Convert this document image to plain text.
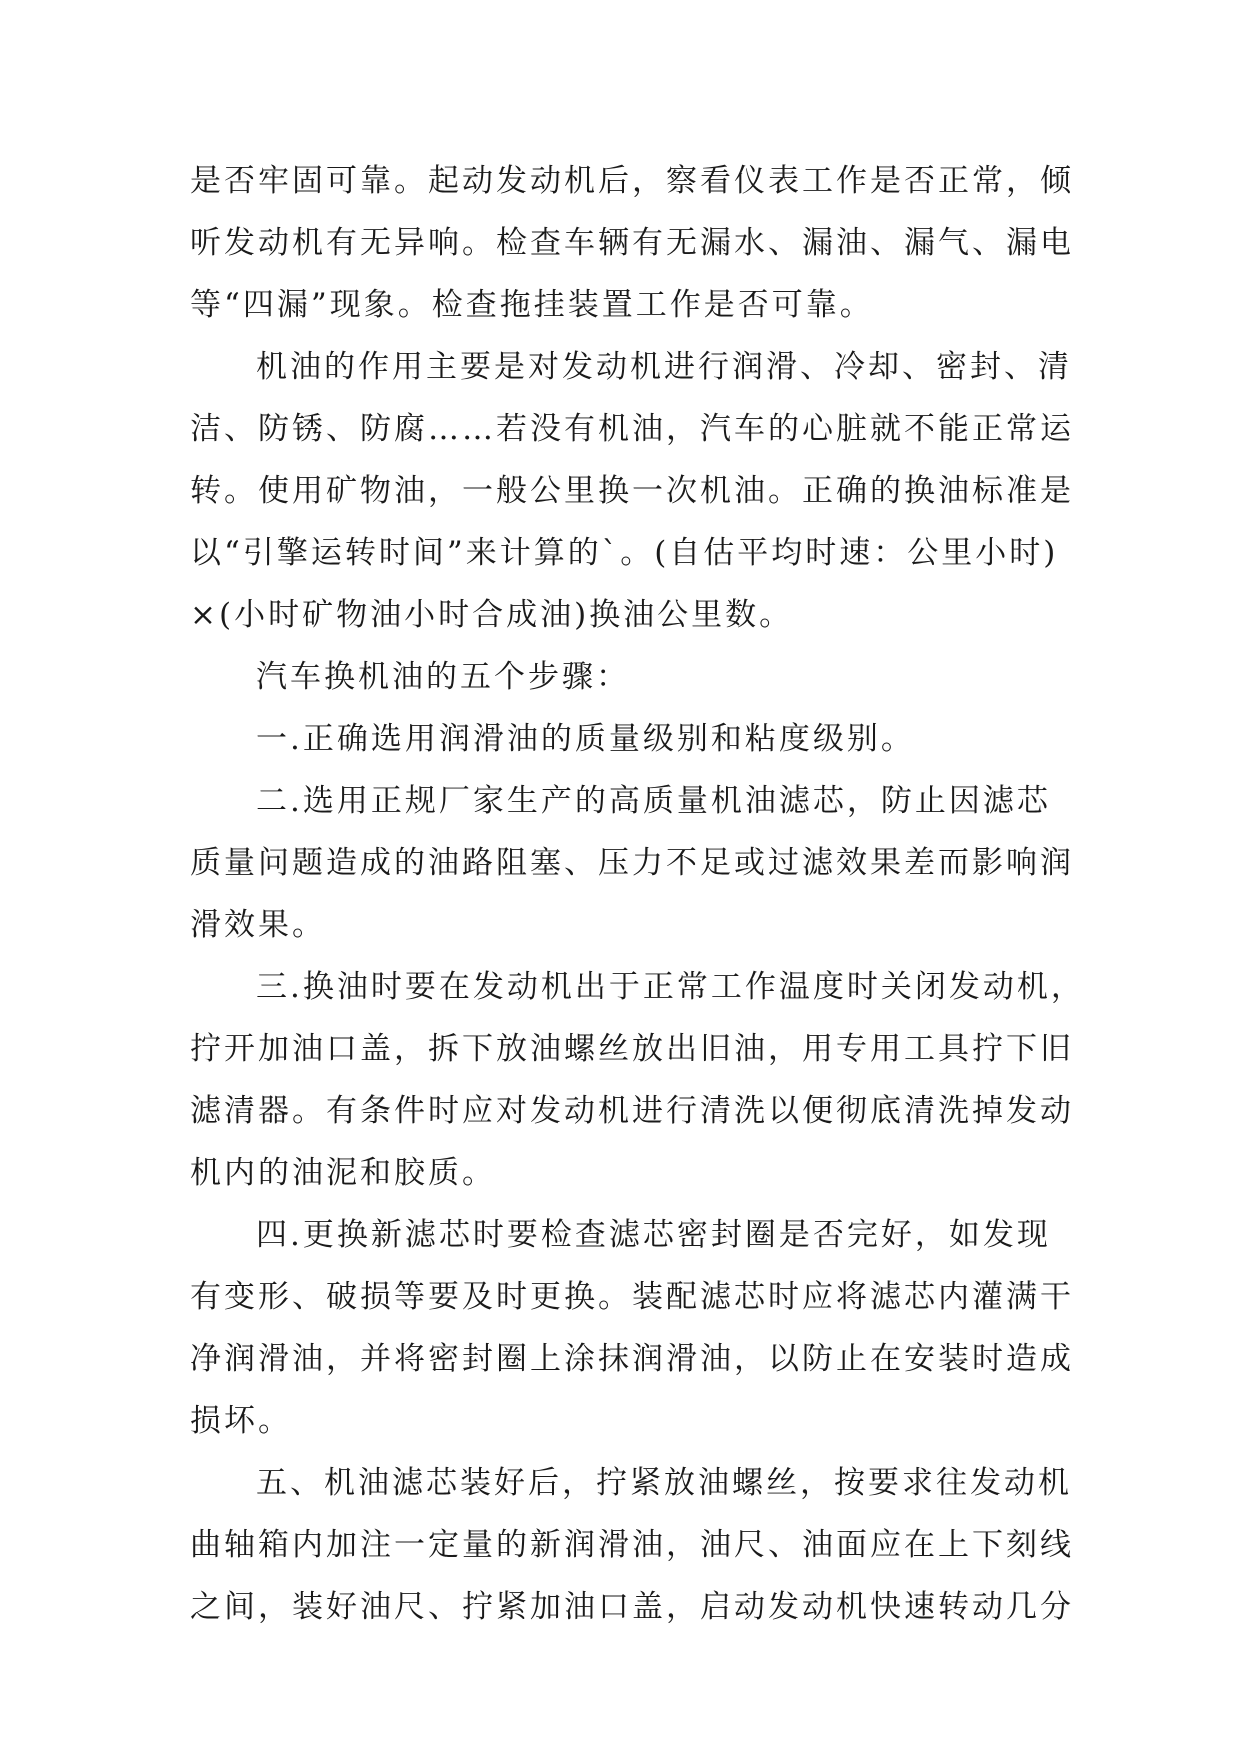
是否牢固可靠。起动发动机后，察看仪表工作是否正常，倾
听发动机有无异响。检查车辆有无漏水、漏油、漏气、漏电
等“四漏”现象。检查拖挂装置工作是否可靠。
机油的作用主要是对发动机进行润滑、冷却、密封、清
洁、防锈、防腐……若没有机油，汽车的心脏就不能正常运
转。使用矿物油，一般公里换一次机油。正确的换油标准是
以“引擎运转时间”来计算的`。(自估平均时速：公里小时)
×(小时矿物油小时合成油)换油公里数。
汽车换机油的五个步骤：
一.正确选用润滑油的质量级别和粘度级别。
二.选用正规厂家生产的高质量机油滤芯，防止因滤芯
质量问题造成的油路阻塞、压力不足或过滤效果差而影响润
滑效果。
三.换油时要在发动机出于正常工作温度时关闭发动机，
拧开加油口盖，拆下放油螺丝放出旧油，用专用工具拧下旧
滤清器。有条件时应对发动机进行清洗以便彻底清洗掉发动
机内的油泥和胶质。
四.更换新滤芯时要检查滤芯密封圈是否完好，如发现
有变形、破损等要及时更换。装配滤芯时应将滤芯内灌满干
净润滑油，并将密封圈上涂抹润滑油，以防止在安装时造成
损坏。
五、机油滤芯装好后，拧紧放油螺丝，按要求往发动机
曲轴箱内加注一定量的新润滑油，油尺、油面应在上下刻线
之间，装好油尺、拧紧加油口盖，启动发动机快速转动几分
